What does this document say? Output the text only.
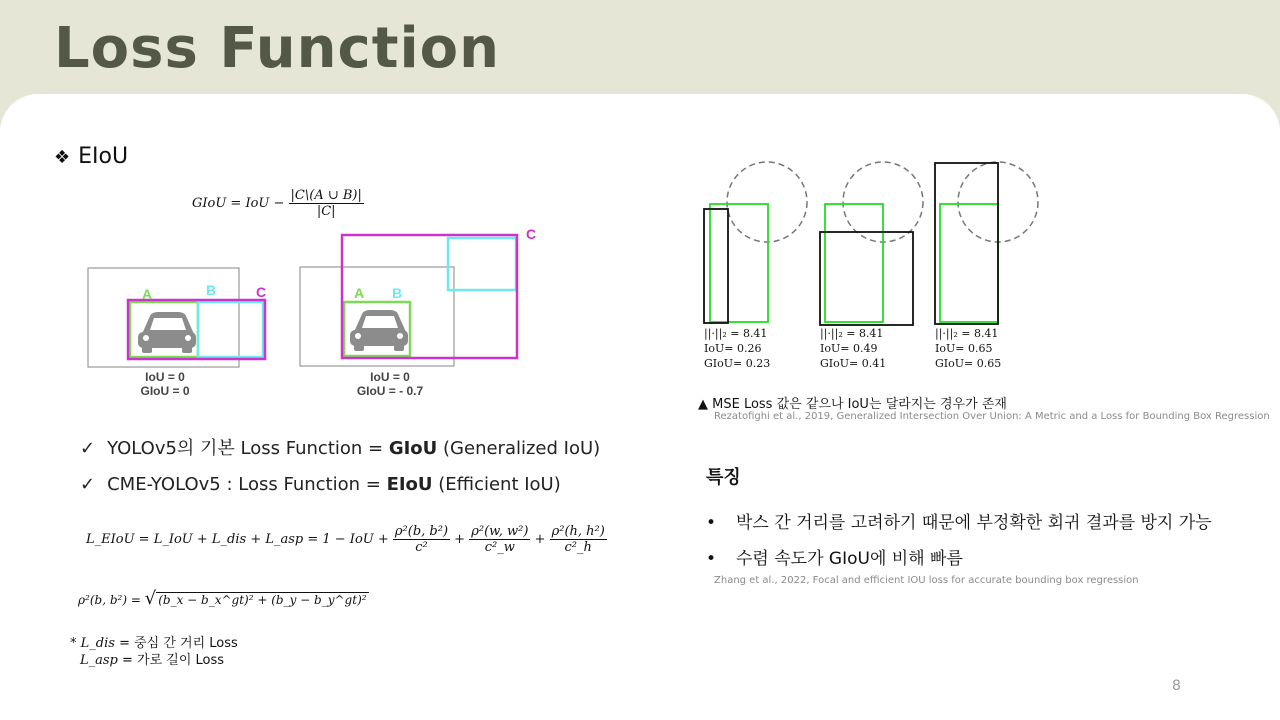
Loss Function
❖ EIoU
GIoU = IoU − $\frac{|C\backslash(A \cup B)|}{|C|}$
A	B	C
IoU = 0
GIoU = 0
A B
C
IoU = 0
GIoU = - 0.7
✓ YOLOv5의 기본 Loss Function = GIoU (Generalized IoU)
✓ CME-YOLOv5 : Loss Function = EIoU (Efficient IoU)
L_EIoU = L_IoU + L_dis + L_asp = 1 − IoU + $\frac{\text{ρ²(b, b²)}}{\text{c²}} + \frac{\text{ρ²(w, w²)}}{\text{c²\_w}} + \frac{\text{ρ²(h, h²)}}{\text{c²\_h}}$
ρ²(b, b²) = √ (b_x − b_x^gt)² + (b_y − b_y^gt)²
* L_dis = 중심 간 거리 Loss
L_asp = 가로 길이 Loss
||·||₂ = 8.41
IoU= 0.26
GIoU= 0.23
||·||₂ = 8.41
IoU= 0.49
GIoU= 0.41
||·||₂ = 8.41
IoU= 0.65
GIoU= 0.65
▲ MSE Loss 값은 같으나 IoU는 달라지는 경우가 존재
Rezatofighi et al., 2019, Generalized Intersection Over Union: A Metric and a Loss for Bounding Box Regression
특징
• 박스 간 거리를 고려하기 때문에 부정확한 회귀 결과를 방지 가능
• 수렴 속도가 GIoU에 비해 빠름
Zhang et al., 2022, Focal and efficient IOU loss for accurate bounding box regression
8
